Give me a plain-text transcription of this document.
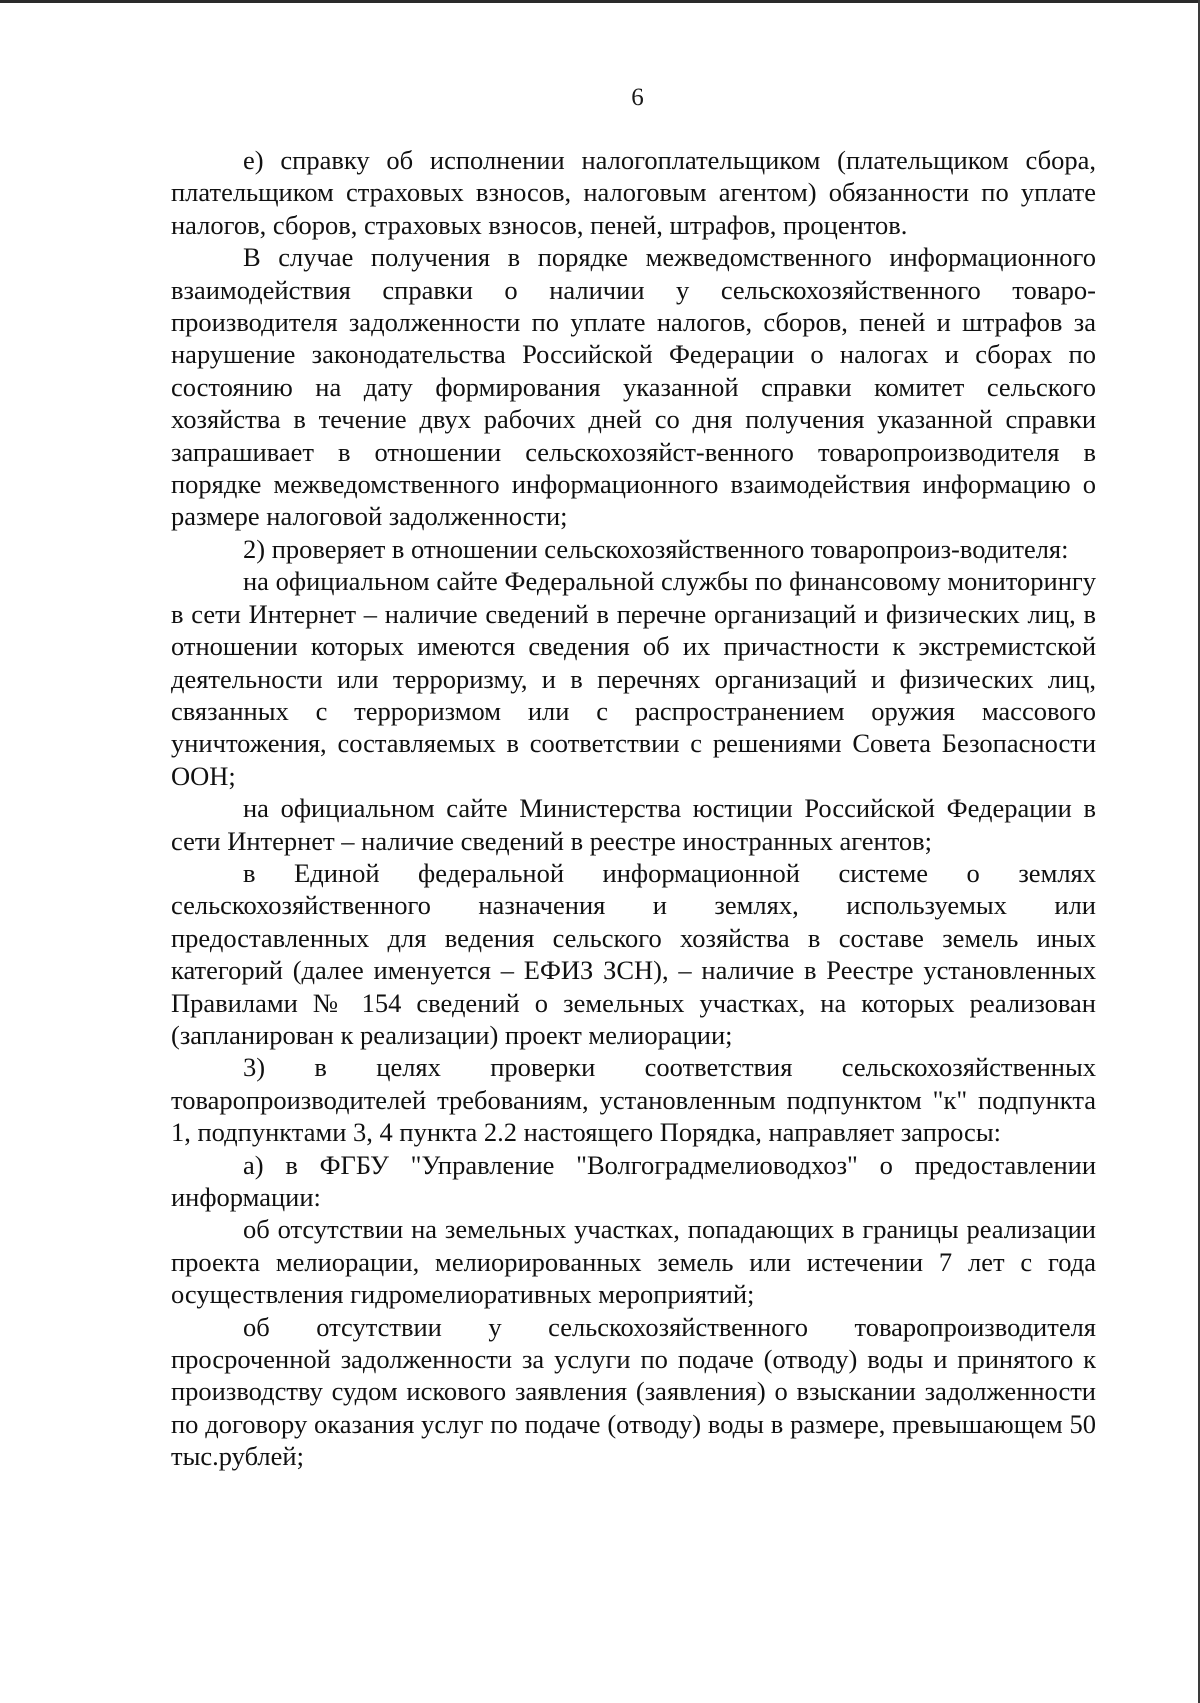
6

е) справку об исполнении налогоплательщиком (плательщиком сбора, плательщиком страховых взносов, налоговым агентом) обязанности по уплате налогов, сборов, страховых взносов, пеней, штрафов, процентов.

В случае получения в порядке межведомственного информационного взаимодействия справки о наличии у сельскохозяйственного товаро-производителя задолженности по уплате налогов, сборов, пеней и штрафов за нарушение законодательства Российской Федерации о налогах и сборах по состоянию на дату формирования указанной справки комитет сельского хозяйства в течение двух рабочих дней со дня получения указанной справки запрашивает в отношении сельскохозяйст-венного товаропроизводителя в порядке межведомственного информационного взаимодействия информацию о размере налоговой задолженности;

2) проверяет в отношении сельскохозяйственного товаропроиз-водителя:

на официальном сайте Федеральной службы по финансовому мониторингу в сети Интернет – наличие сведений в перечне организаций и физических лиц, в отношении которых имеются сведения об их причастности к экстремистской деятельности или терроризму, и в перечнях организаций и физических лиц, связанных с терроризмом или с распространением оружия массового уничтожения, составляемых в соответствии с решениями Совета Безопасности ООН;

на официальном сайте Министерства юстиции Российской Федерации в сети Интернет – наличие сведений в реестре иностранных агентов;

в Единой федеральной информационной системе о землях сельскохозяйственного назначения и землях, используемых или предоставленных для ведения сельского хозяйства в составе земель иных категорий (далее именуется – ЕФИЗ ЗСН), – наличие в Реестре установленных Правилами № 154 сведений о земельных участках, на которых реализован (запланирован к реализации) проект мелиорации;

3) в целях проверки соответствия сельскохозяйственных товаропроизводителей требованиям, установленным подпунктом "к" подпункта 1, подпунктами 3, 4 пункта 2.2 настоящего Порядка, направляет запросы:

а) в ФГБУ "Управление "Волгоградмелиоводхоз" о предоставлении информации:

об отсутствии на земельных участках, попадающих в границы реализации проекта мелиорации, мелиорированных земель или истечении 7 лет с года осуществления гидромелиоративных мероприятий;

об отсутствии у сельскохозяйственного товаропроизводителя просроченной задолженности за услуги по подаче (отводу) воды и принятого к производству судом искового заявления (заявления) о взыскании задолженности по договору оказания услуг по подаче (отводу) воды в размере, превышающем 50 тыс.рублей;
